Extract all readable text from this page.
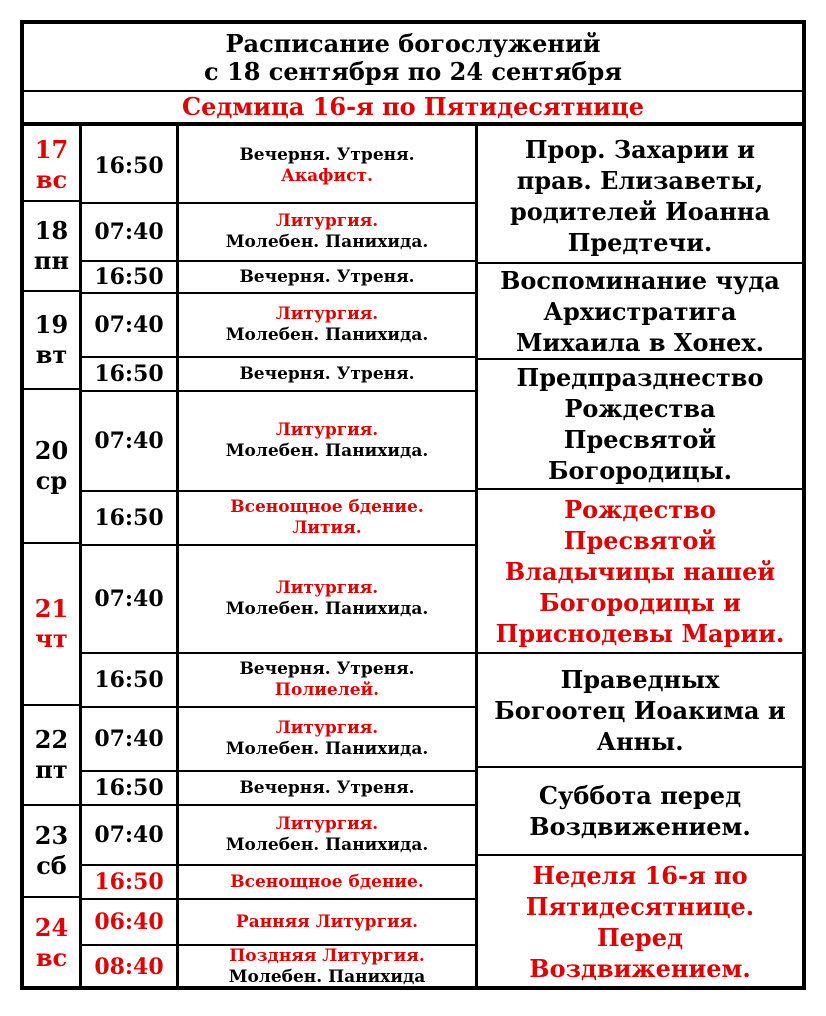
Расписание богослужений
с 18 сентября по 24 сентября
Седмица 16-я по Пятидесятнице
17
вс
18
пн
19
вт
20
ср
21
чт
22
пт
23
сб
24
вс
16:50
07:40
16:50
07:40
16:50
07:40
16:50
07:40
16:50
07:40
16:50
07:40
16:50
06:40
08:40
Вечерня. Утреня.
Акафист.
Литургия.
Молебен. Панихида.
Вечерня. Утреня.
Литургия.
Молебен. Панихида.
Вечерня. Утреня.
Литургия.
Молебен. Панихида.
Всенощное бдение.
Лития.
Литургия.
Молебен. Панихида.
Вечерня. Утреня.
Полиелей.
Литургия.
Молебен. Панихида.
Вечерня. Утреня.
Литургия.
Молебен. Панихида.
Всенощное бдение.
Ранняя Литургия.
Поздняя Литургия.
Молебен. Панихида
Прор. Захарии и
прав. Елизаветы,
родителей Иоанна
Предтечи.
Воспоминание чуда
Архистратига
Михаила в Хонех.
Предпразднество
Рождества
Пресвятой
Богородицы.
Рождество
Пресвятой
Владычицы нашей
Богородицы и
Приснодевы Марии.
Праведных
Богоотец Иоакима и
Анны.
Суббота перед
Воздвижением.
Неделя 16-я по
Пятидесятнице.
Перед
Воздвижением.
